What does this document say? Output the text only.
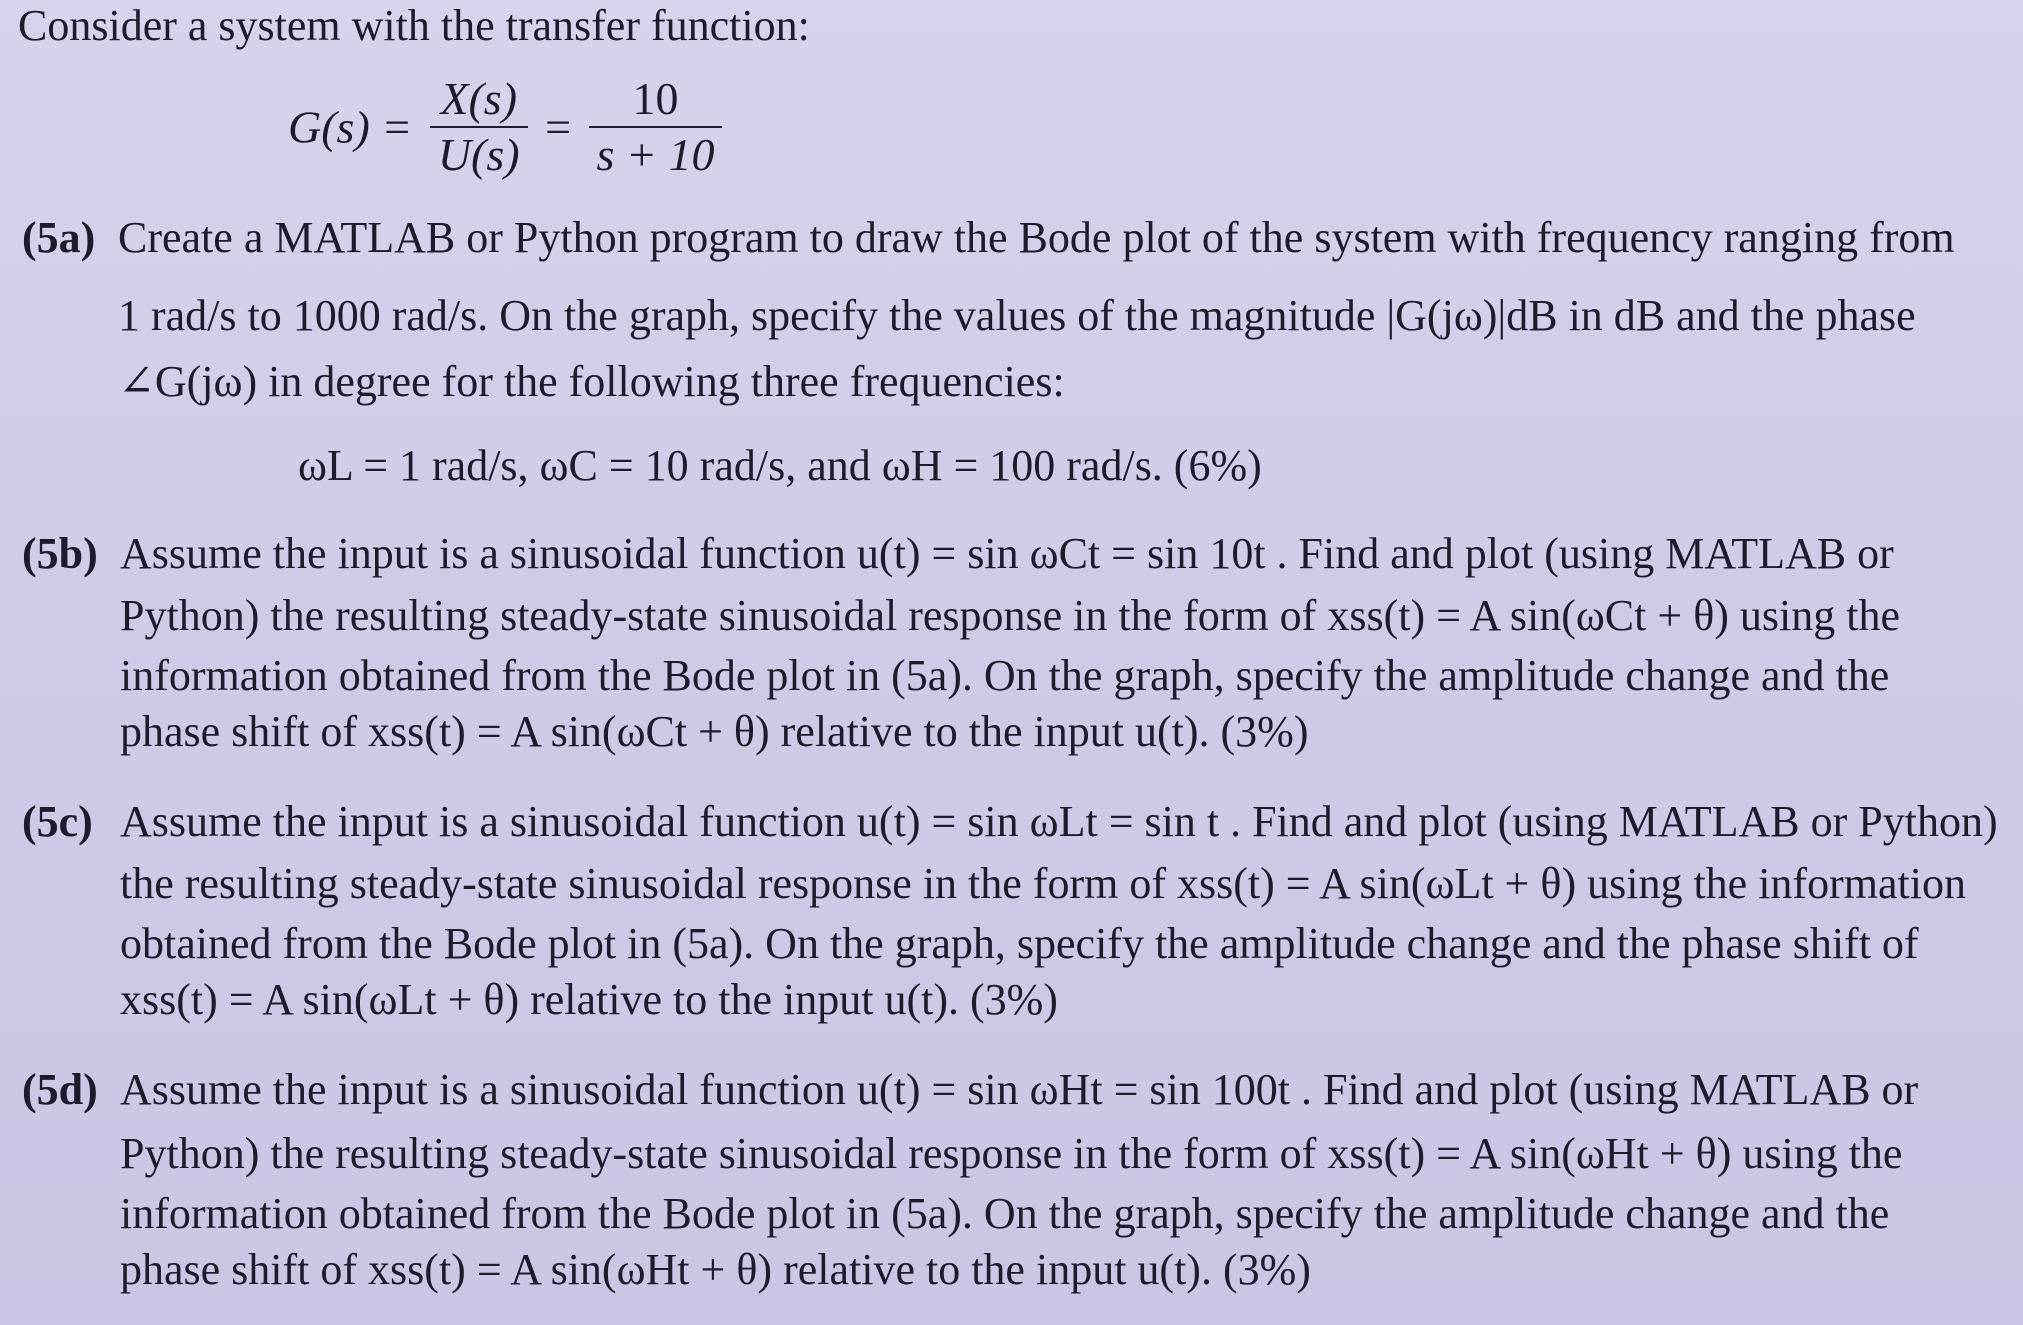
Consider a system with the transfer function:
$G(s) = \frac{X(s)}{U(s)} = \frac{10}{s + 10}$
(5a) Create a MATLAB or Python program to draw the Bode plot of the system with frequency ranging from
1 rad/s to 1000 rad/s. On the graph, specify the values of the magnitude |G(jω)|dB in dB and the phase
∠G(jω) in degree for the following three frequencies:
ωL = 1 rad/s, ωC = 10 rad/s, and ωH = 100 rad/s. (6%)
(5b) Assume the input is a sinusoidal function u(t) = sin ωCt = sin 10t . Find and plot (using MATLAB or
Python) the resulting steady-state sinusoidal response in the form of xss(t) = A sin(ωCt + θ) using the
information obtained from the Bode plot in (5a). On the graph, specify the amplitude change and the
phase shift of xss(t) = A sin(ωCt + θ) relative to the input u(t). (3%)
(5c) Assume the input is a sinusoidal function u(t) = sin ωLt = sin t . Find and plot (using MATLAB or Python)
the resulting steady-state sinusoidal response in the form of xss(t) = A sin(ωLt + θ) using the information
obtained from the Bode plot in (5a). On the graph, specify the amplitude change and the phase shift of
xss(t) = A sin(ωLt + θ) relative to the input u(t). (3%)
(5d) Assume the input is a sinusoidal function u(t) = sin ωHt = sin 100t . Find and plot (using MATLAB or
Python) the resulting steady-state sinusoidal response in the form of xss(t) = A sin(ωHt + θ) using the
information obtained from the Bode plot in (5a). On the graph, specify the amplitude change and the
phase shift of xss(t) = A sin(ωHt + θ) relative to the input u(t). (3%)
